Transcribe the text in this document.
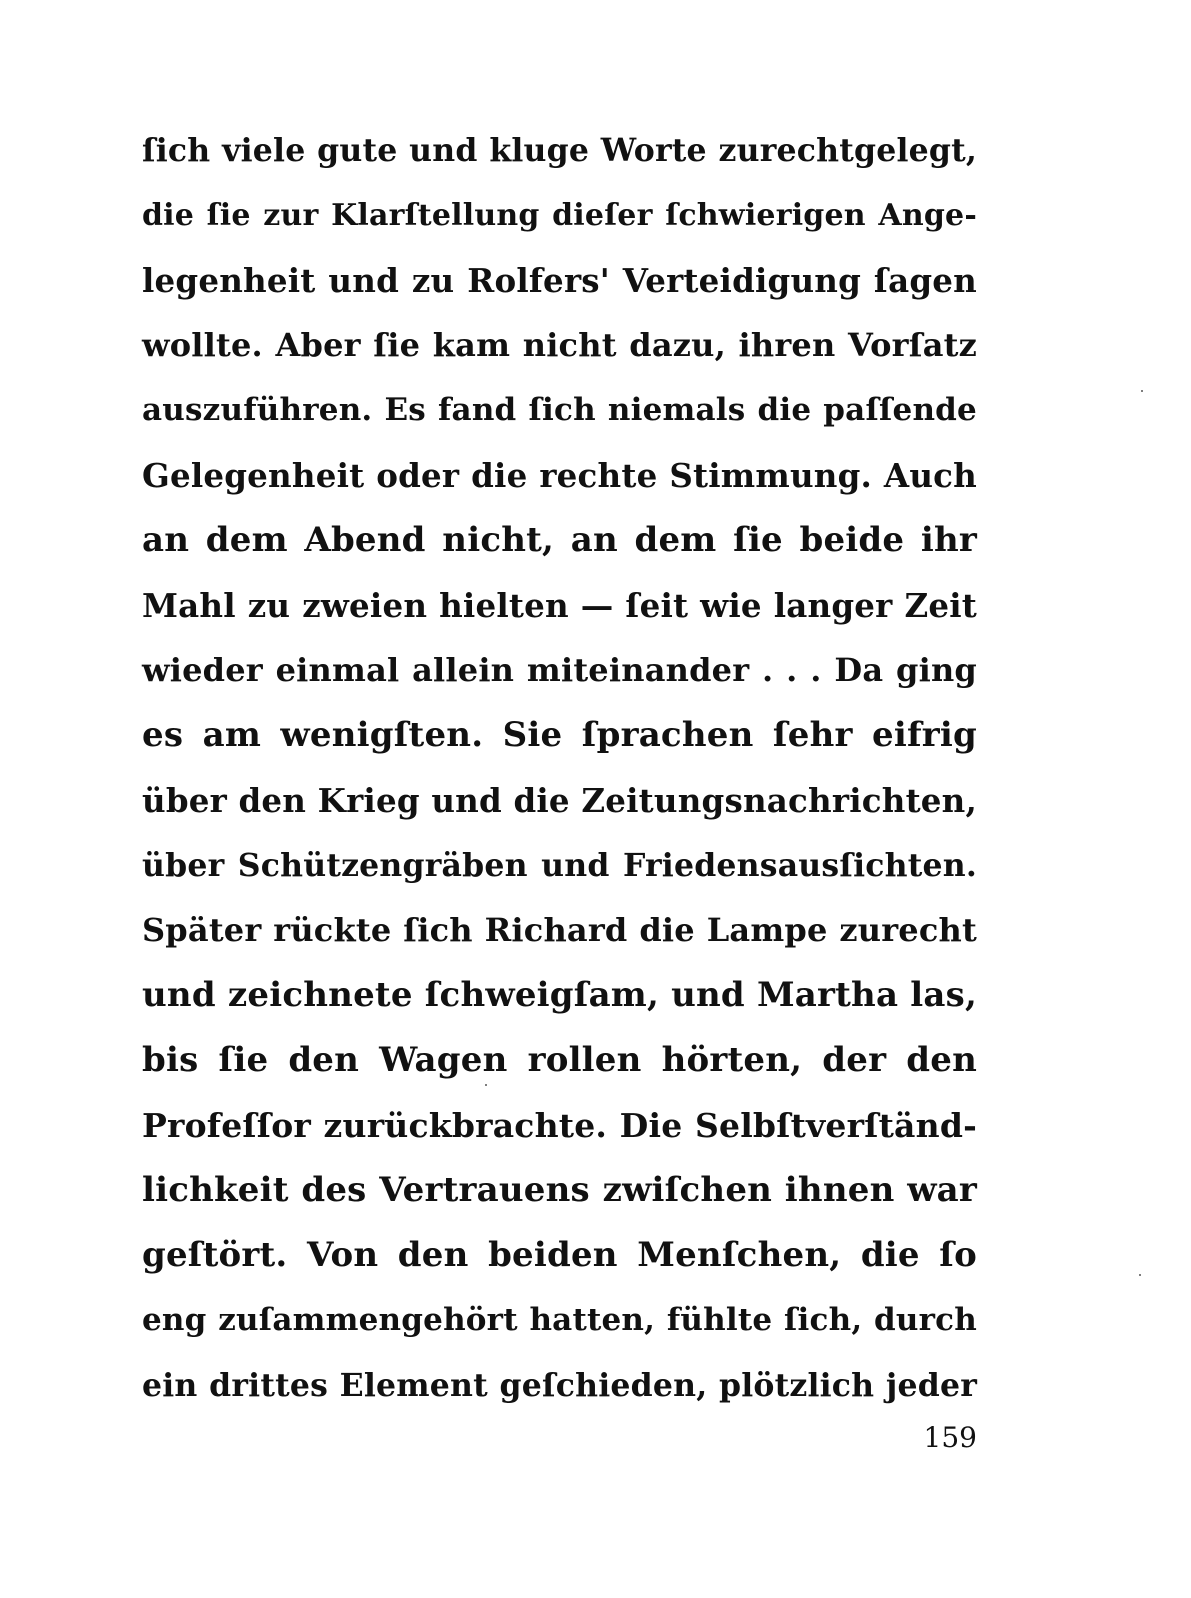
ſich viele gute und kluge Worte zurechtgelegt,
die ſie zur Klarſtellung dieſer ſchwierigen Ange-
legenheit und zu Rolfers' Verteidigung ſagen
wollte. Aber ſie kam nicht dazu, ihren Vorſatz
auszuführen. Es fand ſich niemals die paſſende
Gelegenheit oder die rechte Stimmung. Auch
an dem Abend nicht, an dem ſie beide ihr
Mahl zu zweien hielten — ſeit wie langer Zeit
wieder einmal allein miteinander . . . Da ging
es am wenigſten. Sie ſprachen ſehr eifrig
über den Krieg und die Zeitungsnachrichten,
über Schützengräben und Friedensausſichten.
Später rückte ſich Richard die Lampe zurecht
und zeichnete ſchweigſam, und Martha las,
bis ſie den Wagen rollen hörten, der den
Profeſſor zurückbrachte. Die Selbſtverſtänd-
lichkeit des Vertrauens zwiſchen ihnen war
geſtört. Von den beiden Menſchen, die ſo
eng zuſammengehört hatten, fühlte ſich, durch
ein drittes Element geſchieden, plötzlich jeder
159
